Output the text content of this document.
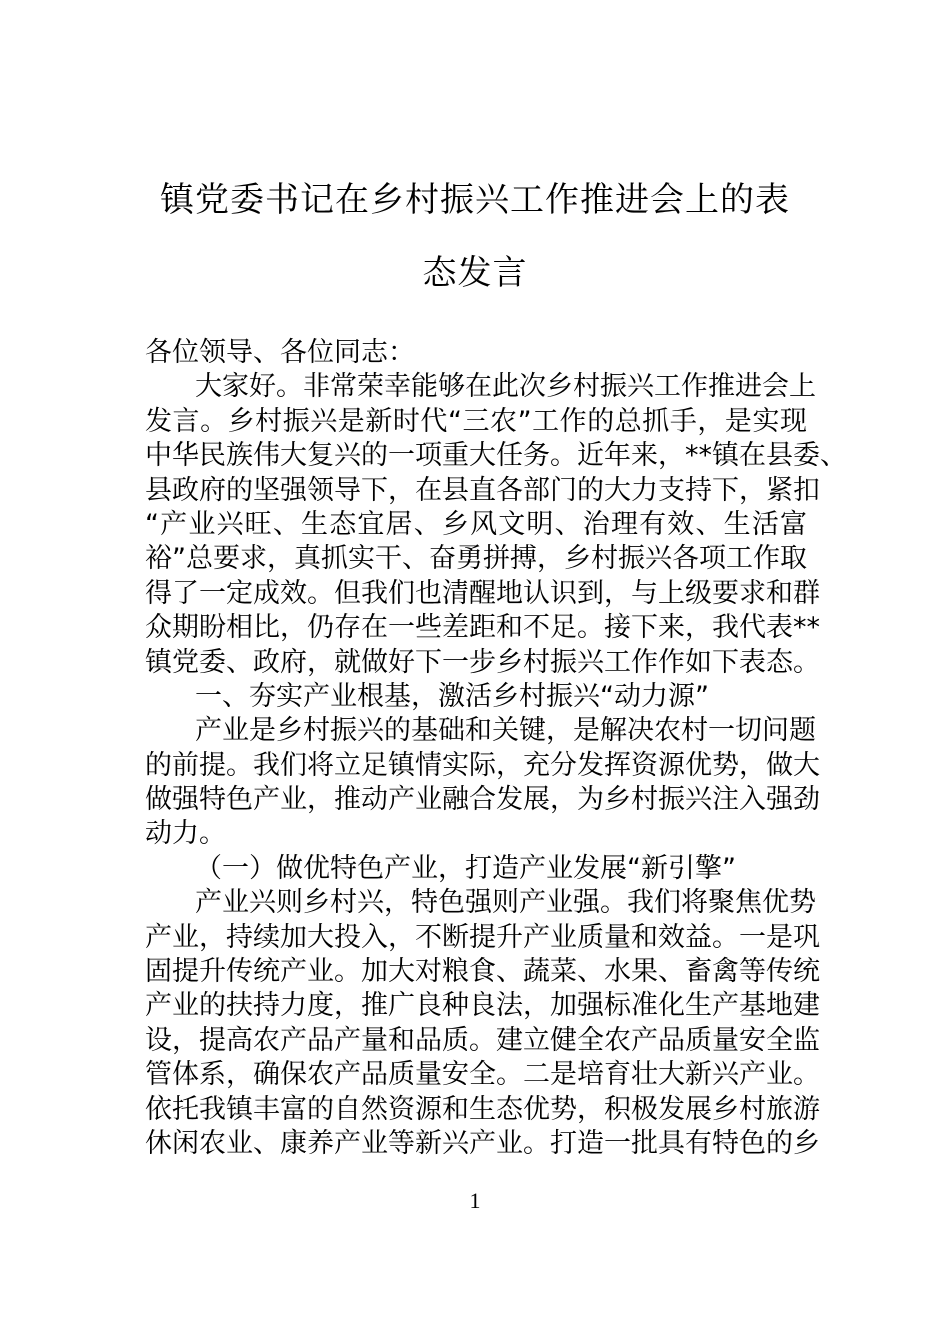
镇党委书记在乡村振兴工作推进会上的表
态发言
各位领导、各位同志：
大家好。非常荣幸能够在此次乡村振兴工作推进会上
发言。乡村振兴是新时代“三农”工作的总抓手，是实现
中华民族伟大复兴的一项重大任务。近年来，**镇在县委、
县政府的坚强领导下，在县直各部门的大力支持下，紧扣
“产业兴旺、生态宜居、乡风文明、治理有效、生活富
裕”总要求，真抓实干、奋勇拼搏，乡村振兴各项工作取
得了一定成效。但我们也清醒地认识到，与上级要求和群
众期盼相比，仍存在一些差距和不足。接下来，我代表**
镇党委、政府，就做好下一步乡村振兴工作作如下表态。
一、夯实产业根基，激活乡村振兴“动力源”
产业是乡村振兴的基础和关键，是解决农村一切问题
的前提。我们将立足镇情实际，充分发挥资源优势，做大
做强特色产业，推动产业融合发展，为乡村振兴注入强劲
动力。
（一）做优特色产业，打造产业发展“新引擎”
产业兴则乡村兴，特色强则产业强。我们将聚焦优势
产业，持续加大投入，不断提升产业质量和效益。一是巩
固提升传统产业。加大对粮食、蔬菜、水果、畜禽等传统
产业的扶持力度，推广良种良法，加强标准化生产基地建
设，提高农产品产量和品质。建立健全农产品质量安全监
管体系，确保农产品质量安全。二是培育壮大新兴产业。
依托我镇丰富的自然资源和生态优势，积极发展乡村旅游
休闲农业、康养产业等新兴产业。打造一批具有特色的乡
1
